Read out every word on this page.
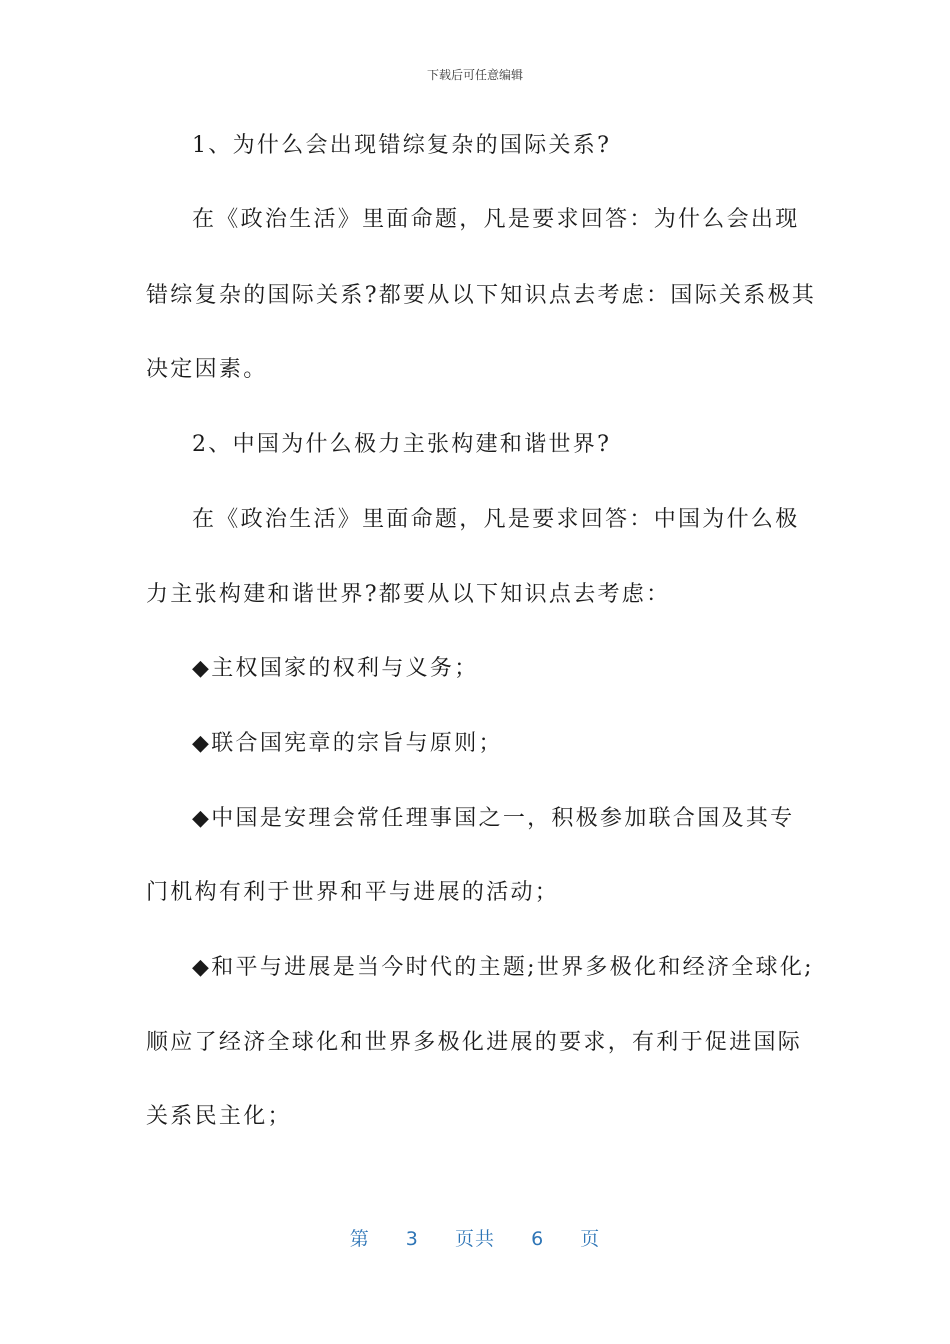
下载后可任意编辑
1、为什么会出现错综复杂的国际关系?
在《政治生活》里面命题，凡是要求回答：为什么会出现
错综复杂的国际关系?都要从以下知识点去考虑：国际关系极其
决定因素。
2、中国为什么极力主张构建和谐世界?
在《政治生活》里面命题，凡是要求回答：中国为什么极
力主张构建和谐世界?都要从以下知识点去考虑：
◆主权国家的权利与义务；
◆联合国宪章的宗旨与原则；
◆中国是安理会常任理事国之一，积极参加联合国及其专
门机构有利于世界和平与进展的活动；
◆和平与进展是当今时代的主题;世界多极化和经济全球化;
顺应了经济全球化和世界多极化进展的要求，有利于促进国际
关系民主化；
第 3 页共 6 页
